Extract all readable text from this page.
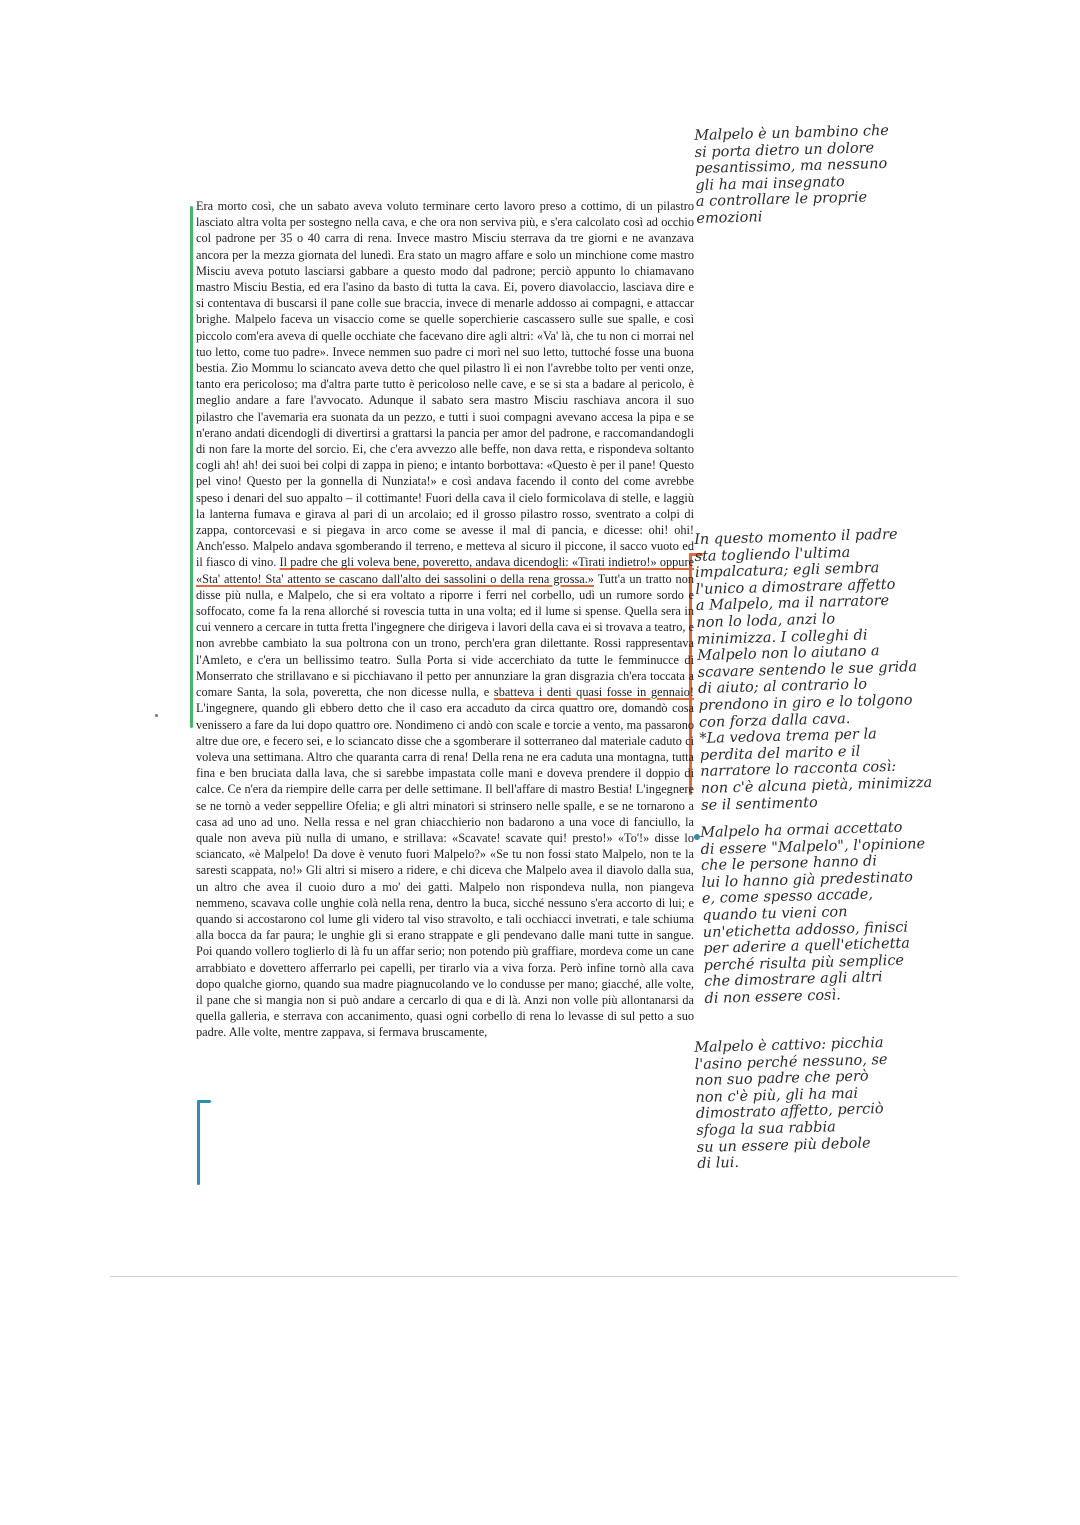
Era morto così, che un sabato aveva voluto terminare certo lavoro preso a cottimo, di un pilastro lasciato altra volta per sostegno nella cava, e che ora non serviva più, e s'era calcolato così ad occhio col padrone per 35 o 40 carra di rena. Invece mastro Misciu sterrava da tre giorni e ne avanzava ancora per la mezza giornata del lunedì. Era stato un magro affare e solo un minchione come mastro Misciu aveva potuto lasciarsi gabbare a questo modo dal padrone; perciò appunto lo chiamavano mastro Misciu Bestia, ed era l'asino da basto di tutta la cava. Ei, povero diavolaccio, lasciava dire e si contentava di buscarsi il pane colle sue braccia, invece di menarle addosso ai compagni, e attaccar brighe. Malpelo faceva un visaccio come se quelle soperchierie cascassero sulle sue spalle, e così piccolo com'era aveva di quelle occhiate che facevano dire agli altri: «Va' là, che tu non ci morrai nel tuo letto, come tuo padre». Invece nemmen suo padre ci morì nel suo letto, tuttoché fosse una buona bestia. Zio Mommu lo sciancato aveva detto che quel pilastro lì ei non l'avrebbe tolto per venti onze, tanto era pericoloso; ma d'altra parte tutto è pericoloso nelle cave, e se si sta a badare al pericolo, è meglio andare a fare l'avvocato. Adunque il sabato sera mastro Misciu raschiava ancora il suo pilastro che l'avemaria era suonata da un pezzo, e tutti i suoi compagni avevano accesa la pipa e se n'erano andati dicendogli di divertirsi a grattarsi la pancia per amor del padrone, e raccomandandogli di non fare la morte del sorcio. Ei, che c'era avvezzo alle beffe, non dava retta, e rispondeva soltanto cogli ah! ah! dei suoi bei colpi di zappa in pieno; e intanto borbottava: «Questo è per il pane! Questo pel vino! Questo per la gonnella di Nunziata!» e così andava facendo il conto del come avrebbe speso i denari del suo appalto – il cottimante! Fuori della cava il cielo formicolava di stelle, e laggiù la lanterna fumava e girava al pari di un arcolaio; ed il grosso pilastro rosso, sventrato a colpi di zappa, contorcevasi e si piegava in arco come se avesse il mal di pancia, e dicesse: ohi! ohi! Anch'esso. Malpelo andava sgomberando il terreno, e metteva al sicuro il piccone, il sacco vuoto ed il fiasco di vino. Il padre che gli voleva bene, poveretto, andava dicendogli: «Tirati indietro!» oppure «Sta' attento! Sta' attento se cascano dall'alto dei sassolini o della rena grossa.» Tutt'a un tratto non disse più nulla, e Malpelo, che si era voltato a riporre i ferri nel corbello, udì un rumore sordo e soffocato, come fa la rena allorché si rovescia tutta in una volta; ed il lume si spense. Quella sera in cui vennero a cercare in tutta fretta l'ingegnere che dirigeva i lavori della cava ei si trovava a teatro, e non avrebbe cambiato la sua poltrona con un trono, perch'era gran dilettante. Rossi rappresentava l'Amleto, e c'era un bellissimo teatro. Sulla Porta si vide accerchiato da tutte le femminucce di Monserrato che strillavano e si picchiavano il petto per annunziare la gran disgrazia ch'era toccata a comare Santa, la sola, poveretta, che non dicesse nulla, e sbatteva i denti quasi fosse in gennaio! L'ingegnere, quando gli ebbero detto che il caso era accaduto da circa quattro ore, domandò cosa venissero a fare da lui dopo quattro ore. Nondimeno ci andò con scale e torcie a vento, ma passarono altre due ore, e fecero sei, e lo sciancato disse che a sgomberare il sotterraneo dal materiale caduto ci voleva una settimana. Altro che quaranta carra di rena! Della rena ne era caduta una montagna, tutta fina e ben bruciata dalla lava, che si sarebbe impastata colle mani e doveva prendere il doppio di calce. Ce n'era da riempire delle carra per delle settimane. Il bell'affare di mastro Bestia! L'ingegnere se ne tornò a veder seppellire Ofelia; e gli altri minatori si strinsero nelle spalle, e se ne tornarono a casa ad uno ad uno. Nella ressa e nel gran chiacchierio non badarono a una voce di fanciullo, la quale non aveva più nulla di umano, e strillava: «Scavate! scavate qui! presto!» «To'!» disse lo sciancato, «è Malpelo! Da dove è venuto fuori Malpelo?» «Se tu non fossi stato Malpelo, non te la saresti scappata, no!» Gli altri si misero a ridere, e chi diceva che Malpelo avea il diavolo dalla sua, un altro che avea il cuoio duro a mo' dei gatti. Malpelo non rispondeva nulla, non piangeva nemmeno, scavava colle unghie colà nella rena, dentro la buca, sicché nessuno s'era accorto di lui; e quando si accostarono col lume gli videro tal viso stravolto, e tali occhiacci invetrati, e tale schiuma alla bocca da far paura; le unghie gli si erano strappate e gli pendevano dalle mani tutte in sangue. Poi quando vollero toglierlo di là fu un affar serio; non potendo più graffiare, mordeva come un cane arrabbiato e dovettero afferrarlo pei capelli, per tirarlo via a viva forza. Però infine tornò alla cava dopo qualche giorno, quando sua madre piagnucolando ve lo condusse per mano; giacché, alle volte, il pane che si mangia non si può andare a cercarlo di qua e di là. Anzi non volle più allontanarsi da quella galleria, e sterrava con accanimento, quasi ogni corbello di rena lo levasse di sul petto a suo padre. Alle volte, mentre zappava, si fermava bruscamente,

Malpelo è un bambino che
si porta dietro un dolore
pesantissimo, ma nessuno
gli ha mai insegnato
a controllare le proprie
emozioni

In questo momento il padre
sta togliendo l'ultima
impalcatura; egli sembra
l'unico a dimostrare affetto
a Malpelo, ma il narratore
non lo loda, anzi lo
minimizza. I colleghi di
Malpelo non lo aiutano a
scavare sentendo le sue grida
di aiuto; al contrario lo
prendono in giro e lo tolgono
con forza dalla cava.
*La vedova trema per la
perdita del marito e il
narratore lo racconta così:
non c'è alcuna pietà, minimizza
se il sentimento

Malpelo ha ormai accettato
di essere "Malpelo", l'opinione
che le persone hanno di
lui lo hanno già predestinato
e, come spesso accade,
quando tu vieni con
un'etichetta addosso, finisci
per aderire a quell'etichetta
perché risulta più semplice
che dimostrare agli altri
di non essere così.

Malpelo è cattivo: picchia
l'asino perché nessuno, se
non suo padre che però
non c'è più, gli ha mai
dimostrato affetto, perciò
sfoga la sua rabbia
su un essere più debole
di lui.
